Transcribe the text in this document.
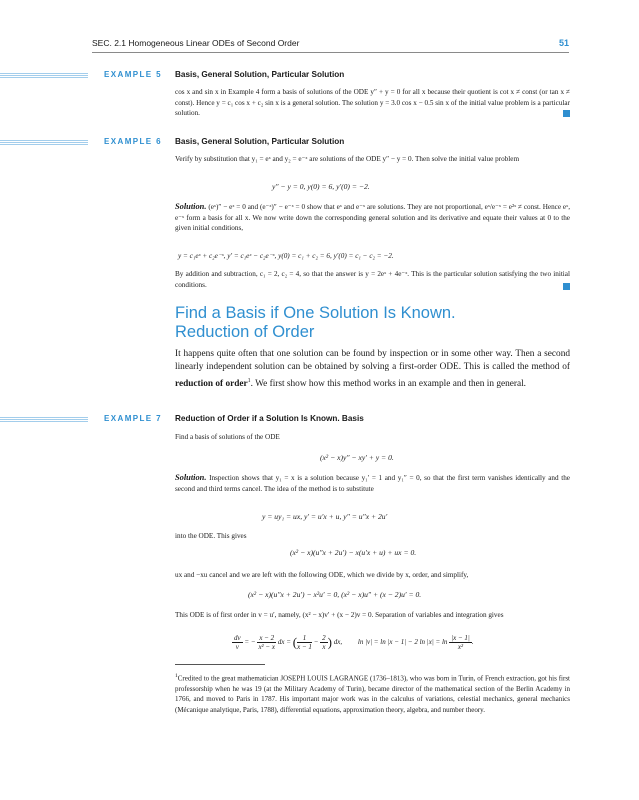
SEC. 2.1 Homogeneous Linear ODEs of Second Order	51
EXAMPLE 5 Basis, General Solution, Particular Solution
cos x and sin x in Example 4 form a basis of solutions of the ODE y″ + y = 0 for all x because their quotient is cot x ≠ const (or tan x ≠ const). Hence y = c₁ cos x + c₂ sin x is a general solution. The solution y = 3.0 cos x − 0.5 sin x of the initial value problem is a particular solution.
EXAMPLE 6 Basis, General Solution, Particular Solution
Verify by substitution that y₁ = eˣ and y₂ = e⁻ˣ are solutions of the ODE y″ − y = 0. Then solve the initial value problem
y″ − y = 0, y(0) = 6, y′(0) = −2.
Solution. (eˣ)″ − eˣ = 0 and (e⁻ˣ)″ − e⁻ˣ = 0 show that eˣ and e⁻ˣ are solutions. They are not proportional, eˣ/e⁻ˣ = e²ˣ ≠ const. Hence eˣ, e⁻ˣ form a basis for all x. We now write down the corresponding general solution and its derivative and equate their values at 0 to the given initial conditions,
y = c₁eˣ + c₂e⁻ˣ, y′ = c₁eˣ − c₂e⁻ˣ, y(0) = c₁ + c₂ = 6, y′(0) = c₁ − c₂ = −2.
By addition and subtraction, c₁ = 2, c₂ = 4, so that the answer is y = 2eˣ + 4e⁻ˣ. This is the particular solution satisfying the two initial conditions.
Find a Basis if One Solution Is Known.
Reduction of Order
It happens quite often that one solution can be found by inspection or in some other way. Then a second linearly independent solution can be obtained by solving a first-order ODE. This is called the method of reduction of order$^1$. We first show how this method works in an example and then in general.
EXAMPLE 7 Reduction of Order if a Solution Is Known. Basis
Find a basis of solutions of the ODE
(x² − x)y″ − xy′ + y = 0.
Solution. Inspection shows that y₁ = x is a solution because y₁′ = 1 and y₁″ = 0, so that the first term vanishes identically and the second and third terms cancel. The idea of the method is to substitute
y = uy₁ = ux, y′ = u′x + u, y″ = u″x + 2u′
into the ODE. This gives
(x² − x)(u″x + 2u′) − x(u′x + u) + ux = 0.
ux and −xu cancel and we are left with the following ODE, which we divide by x, order, and simplify,
(x² − x)(u″x + 2u′) − x²u′ = 0, (x² − x)u″ + (x − 2)u′ = 0.
This ODE is of first order in v = u′, namely, (x² − x)v′ + (x − 2)v = 0. Separation of variables and integration gives
$\frac{dv}{v}$ = − $\frac{x - 2}{\text{x² − x}}$ dx = ( $\frac{1}{x - 1} - \frac{2}{x}$ ) dx, ln |v| = ln |x − 1| − 2 $\ln |x| = \ln \frac{|x - 1|}{\text{x²}}$ .
$^1$Credited to the great mathematician JOSEPH LOUIS LAGRANGE (1736–1813), who was born in Turin, of French extraction, got his first professorship when he was 19 (at the Military Academy of Turin), became director of the mathematical section of the Berlin Academy in 1766, and moved to Paris in 1787. His important major work was in the calculus of variations, celestial mechanics, general mechanics (Mécanique analytique, Paris, 1788), differential equations, approximation theory, algebra, and number theory.
